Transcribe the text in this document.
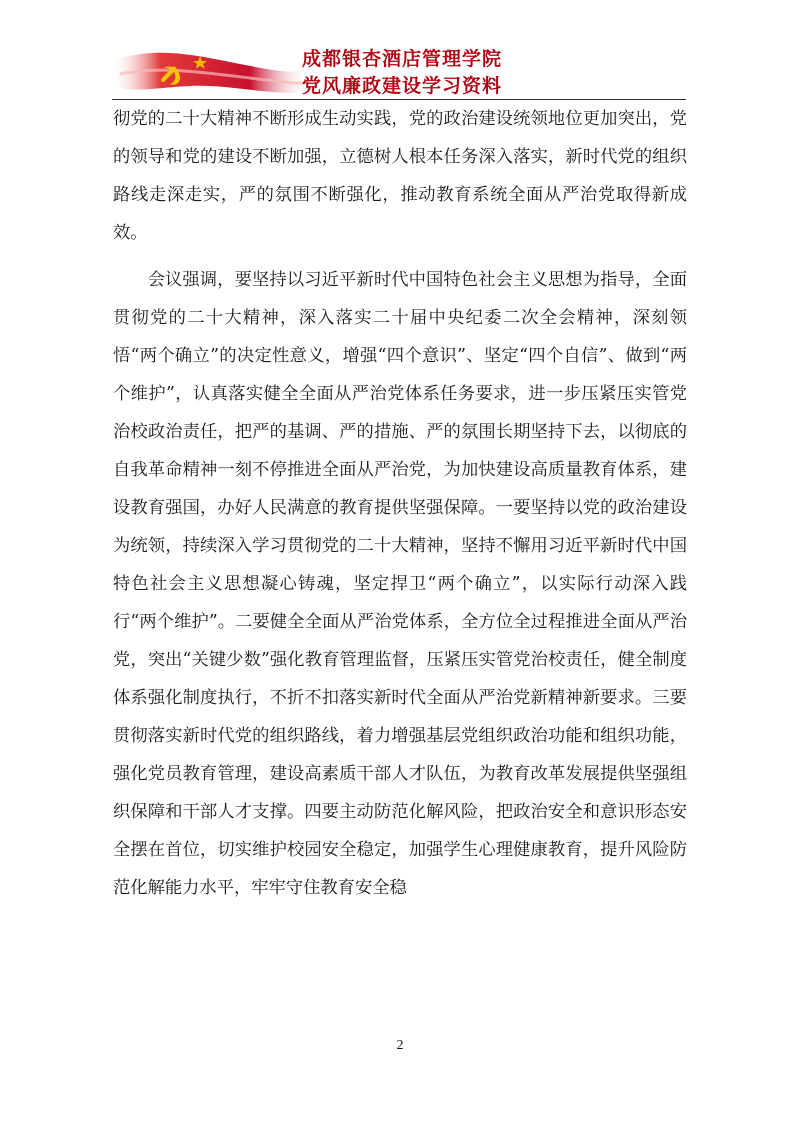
成都银杏酒店管理学院
党风廉政建设学习资料

彻党的二十大精神不断形成生动实践，党的政治建设统领地位更加突出，党的领导和党的建设不断加强，立德树人根本任务深入落实，新时代党的组织路线走深走实，严的氛围不断强化，推动教育系统全面从严治党取得新成效。

会议强调，要坚持以习近平新时代中国特色社会主义思想为指导，全面贯彻党的二十大精神，深入落实二十届中央纪委二次全会精神，深刻领悟“两个确立”的决定性意义，增强“四个意识”、坚定“四个自信”、做到“两个维护”，认真落实健全全面从严治党体系任务要求，进一步压紧压实管党治校政治责任，把严的基调、严的措施、严的氛围长期坚持下去，以彻底的自我革命精神一刻不停推进全面从严治党，为加快建设高质量教育体系，建设教育强国，办好人民满意的教育提供坚强保障。一要坚持以党的政治建设为统领，持续深入学习贯彻党的二十大精神，坚持不懈用习近平新时代中国特色社会主义思想凝心铸魂，坚定捍卫“两个确立”，以实际行动深入践行“两个维护”。二要健全全面从严治党体系，全方位全过程推进全面从严治党，突出“关键少数”强化教育管理监督，压紧压实管党治校责任，健全制度体系强化制度执行，不折不扣落实新时代全面从严治党新精神新要求。三要贯彻落实新时代党的组织路线，着力增强基层党组织政治功能和组织功能，强化党员教育管理，建设高素质干部人才队伍，为教育改革发展提供坚强组织保障和干部人才支撑。四要主动防范化解风险，把政治安全和意识形态安全摆在首位，切实维护校园安全稳定，加强学生心理健康教育，提升风险防范化解能力水平，牢牢守住教育安全稳

2
